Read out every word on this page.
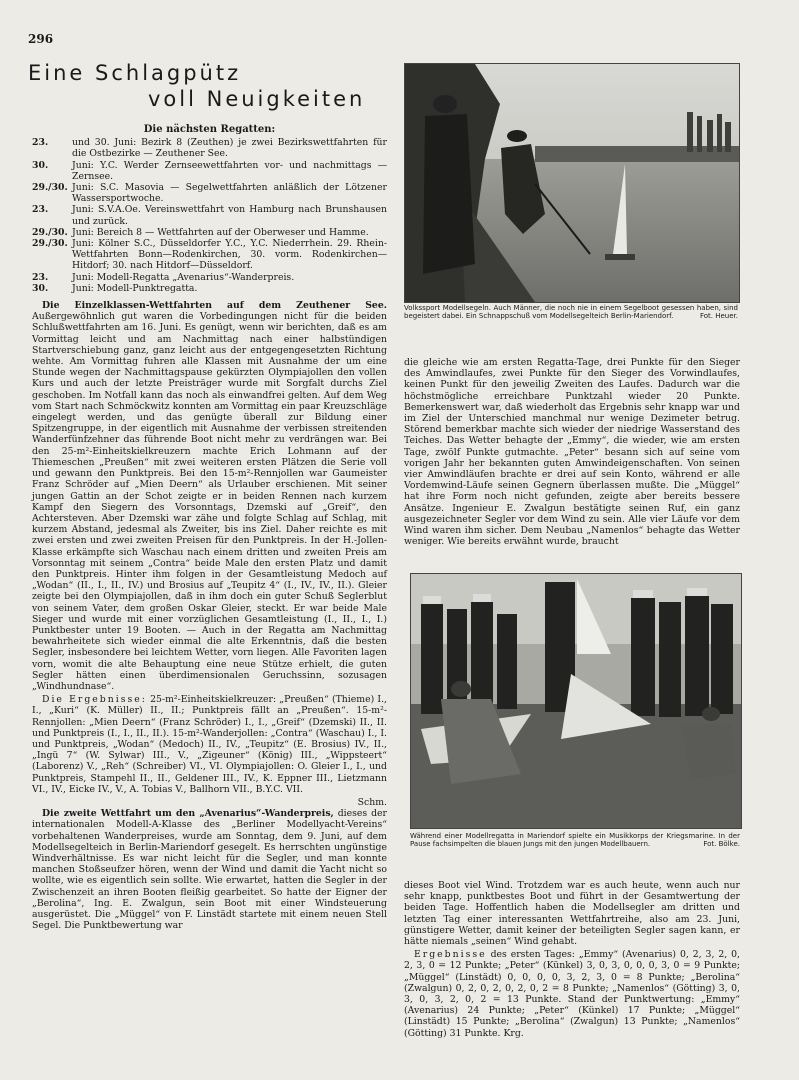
296
Eine Schlagpütz
voll Neuigkeiten
Die nächsten Regatten:
23.	und 30. Juni: Bezirk 8 (Zeuthen) je zwei Bezirkswettfahrten für die Ostbezirke — Zeuthener See.
30.	Juni: Y.C. Werder Zernseewettfahrten vor- und nachmittags — Zernsee.
29./30. Juni: S.C. Masovia — Segelwettfahrten anläßlich der Lötzener Wassersportwoche.
23.	Juni: S.V.A.Oe. Vereinswettfahrt von Hamburg nach Brunshausen und zurück.
29./30. Juni: Bereich 8 — Wettfahrten auf der Oberweser und Hamme.
29./30. Juni: Kölner S.C., Düsseldorfer Y.C., Y.C. Niederrhein. 29. Rhein-Wettfahrten Bonn—Rodenkirchen, 30. vorm. Rodenkirchen—Hitdorf; 30. nach Hitdorf—Düsseldorf.
23.	Juni: Modell-Regatta „Avenarius“-Wanderpreis.
30.	Juni: Modell-Punktregatta.

Die Einzelklassen-Wettfahrten auf dem Zeuthener See. Außergewöhnlich gut waren die Vorbedingungen nicht für die beiden Schlußwettfahrten am 16. Juni. Es genügt, wenn wir berichten, daß es am Vormittag leicht und am Nachmittag nach einer halbstündigen Startverschiebung ganz, ganz leicht aus der entgegengesetzten Richtung wehte. Am Vormittag fuhren alle Klassen mit Ausnahme der um eine Stunde wegen der Nachmittagspause gekürzten Olympiajollen den vollen Kurs und auch der letzte Preisträger wurde mit Sorgfalt durchs Ziel geschoben. Im Notfall kann das noch als einwandfrei gelten. Auf dem Weg vom Start nach Schmöckwitz konnten am Vormittag ein paar Kreuzschläge eingelegt werden, und das genügte überall zur Bildung einer Spitzengruppe, in der eigentlich mit Ausnahme der verbissen streitenden Wanderfünfzehner das führende Boot nicht mehr zu verdrängen war. Bei den 25-m²-Einheitskielkreuzern machte Erich Lohmann auf der Thiemeschen „Preußen“ mit zwei weiteren ersten Plätzen die Serie voll und gewann den Punktpreis. Bei den 15-m²-Rennjollen war Gaumeister Franz Schröder auf „Mien Deern“ als Urlauber erschienen. Mit seiner jungen Gattin an der Schot zeigte er in beiden Rennen nach kurzem Kampf den Siegern des Vorsonntags, Dzemski auf „Greif“, den Achtersteven. Aber Dzemski war zähe und folgte Schlag auf Schlag, mit kurzem Abstand, jedesmal als Zweiter, bis ins Ziel. Daher reichte es mit zwei ersten und zwei zweiten Preisen für den Punktpreis. In der H.-Jollen-Klasse erkämpfte sich Waschau nach einem dritten und zweiten Preis am Vorsonntag mit seinem „Contra“ beide Male den ersten Platz und damit den Punktpreis. Hinter ihm folgen in der Gesamtleistung Medoch auf „Wodan“ (II., I., II., IV.) und Brosius auf „Teupitz 4“ (I., IV., IV., II.). Gleier zeigte bei den Olympiajollen, daß in ihm doch ein guter Schuß Seglerblut von seinem Vater, dem großen Oskar Gleier, steckt. Er war beide Male Sieger und wurde mit einer vorzüglichen Gesamtleistung (I., II., I., I.) Punktbester unter 19 Booten. — Auch in der Regatta am Nachmittag bewahrheitete sich wieder einmal die alte Erkenntnis, daß die besten Segler, insbesondere bei leichtem Wetter, vorn liegen. Alle Favoriten lagen vorn, womit die alte Behauptung eine neue Stütze erhielt, die guten Segler hätten einen überdimensionalen Geruchssinn, sozusagen „Windhundnase“.

Die Ergebnisse: 25-m²-Einheitskielkreuzer: „Preußen“ (Thieme) I., I., „Kuri“ (K. Müller) II., II.; Punktpreis fällt an „Preußen“. 15-m²-Rennjollen: „Mien Deern“ (Franz Schröder) I., I., „Greif“ (Dzemski) II., II. und Punktpreis (I., I., II., II.). 15-m²-Wanderjollen: „Contra“ (Waschau) I., I. und Punktpreis, „Wodan“ (Medoch) II., IV., „Teupitz“ (E. Brosius) IV., II., „Ingü 7“ (W. Sylwar) III., V., „Zigeuner“ (König) III., „Wippsteert“ (Laborenz) V., „Reh“ (Schreiber) VI., VI. Olympiajollen: O. Gleier I., I., und Punktpreis, Stampehl II., II., Geldener III., IV., K. Eppner III., Lietzmann VI., IV., Eicke IV., V., A. Tobias V., Ballhorn VII., B.Y.C. VII.

Schm.

Die zweite Wettfahrt um den „Avenarius“-Wanderpreis, dieses der internationalen Modell-A-Klasse des „Berliner Modellyacht-Vereins“ vorbehaltenen Wanderpreises, wurde am Sonntag, dem 9. Juni, auf dem Modellsegelteich in Berlin-Mariendorf gesegelt. Es herrschten ungünstige Windverhältnisse. Es war nicht leicht für die Segler, und man konnte manchen Stoßseufzer hören, wenn der Wind und damit die Yacht nicht so wollte, wie es eigentlich sein sollte. Wie erwartet, hatten die Segler in der Zwischenzeit an ihren Booten fleißig gearbeitet. So hatte der Eigner der „Berolina“, Ing. E. Zwalgun, sein Boot mit einer Windsteuerung ausgerüstet. Die „Müggel“ von F. Linstädt startete mit einem neuen Stell Segel. Die Punktbewertung war

Volkssport Modellsegeln. Auch Männer, die noch nie in einem Segelboot gesessen haben, sind begeistert dabei. Ein Schnappschuß vom Modellsegelteich Berlin-Mariendorf.	Fot. Heuer.

die gleiche wie am ersten Regatta-Tage, drei Punkte für den Sieger des Amwindlaufes, zwei Punkte für den Sieger des Vorwindlaufes, keinen Punkt für den jeweilig Zweiten des Laufes. Dadurch war die höchstmögliche erreichbare Punktzahl wieder 20 Punkte. Bemerkenswert war, daß wiederholt das Ergebnis sehr knapp war und im Ziel der Unterschied manchmal nur wenige Dezimeter betrug. Störend bemerkbar machte sich wieder der niedrige Wasserstand des Teiches. Das Wetter behagte der „Emmy“, die wieder, wie am ersten Tage, zwölf Punkte gutmachte. „Peter“ besann sich auf seine vom vorigen Jahr her bekannten guten Amwindeigenschaften. Von seinen vier Amwindläufen brachte er drei auf sein Konto, während er alle Vordemwind-Läufe seinen Gegnern überlassen mußte. Die „Müggel“ hat ihre Form noch nicht gefunden, zeigte aber bereits bessere Ansätze. Ingenieur E. Zwalgun bestätigte seinen Ruf, ein ganz ausgezeichneter Segler vor dem Wind zu sein. Alle vier Läufe vor dem Wind waren ihm sicher. Dem Neubau „Namenlos“ behagte das Wetter weniger. Wie bereits erwähnt wurde, braucht

Während einer Modellregatta in Mariendorf spielte ein Musikkorps der Kriegsmarine. In der Pause fachsimpelten die blauen Jungs mit den jungen Modellbauern.	Fot. Bölke.

dieses Boot viel Wind. Trotzdem war es auch heute, wenn auch nur sehr knapp, punktbestes Boot und führt in der Gesamtwertung der beiden Tage. Hoffentlich haben die Modellsegler am dritten und letzten Tag einer interessanten Wettfahrtreihe, also am 23. Juni, günstigere Wetter, damit keiner der beteiligten Segler sagen kann, er hätte niemals „seinen“ Wind gehabt.

Ergebnisse des ersten Tages: „Emmy“ (Avenarius) 0, 2, 3, 2, 0, 2, 3, 0 = 12 Punkte; „Peter“ (Künkel) 3, 0, 3, 0, 0, 0, 3, 0 = 9 Punkte; „Müggel“ (Linstädt) 0, 0, 0, 0, 3, 2, 3, 0 = 8 Punkte; „Berolina“ (Zwalgun) 0, 2, 0, 2, 0, 2, 0, 2 = 8 Punkte; „Namenlos“ (Götting) 3, 0, 3, 0, 3, 2, 0, 2 = 13 Punkte. Stand der Punktwertung: „Emmy“ (Avenarius) 24 Punkte; „Peter“ (Künkel) 17 Punkte; „Müggel“ (Linstädt) 15 Punkte; „Berolina“ (Zwalgun) 13 Punkte; „Namenlos“ (Götting) 31 Punkte. Krg.
